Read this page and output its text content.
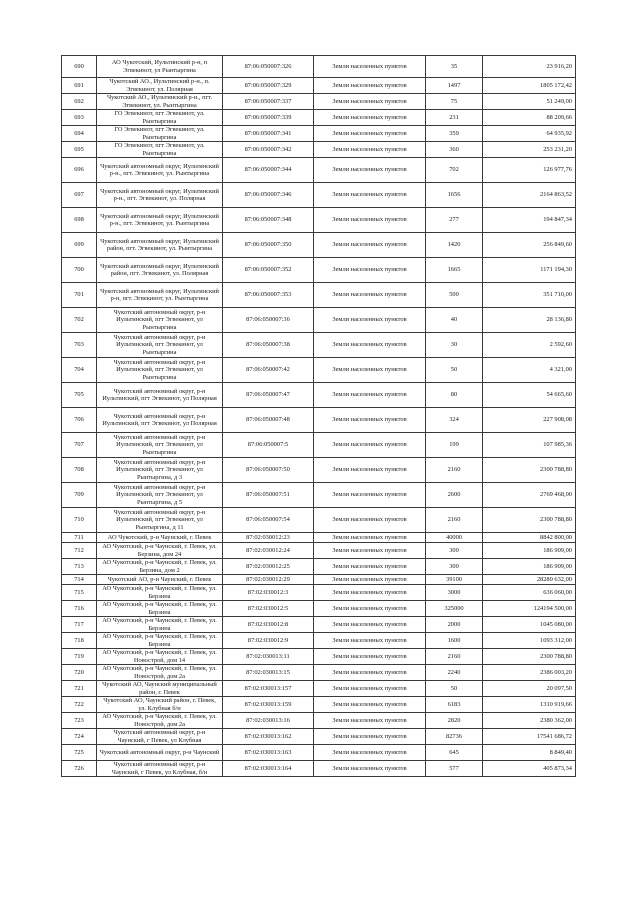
690	АО Чукотский, Иультинский р-н, п Эгвекинот, ул Рынтыргина	87:06:050007:326	Земли населенных пунктов	35	23 916,20
691	Чукотский АО., Иультинский р-н., п. Эгвекинот, ул. Полярная	87:06:050007:329	Земли населенных пунктов	1497	1805 172,42
692	Чукотский АО., Иультинский р-н., пгт. Эгвекинот, ул. Рынтыргина	87:06:050007:337	Земли населенных пунктов	75	51 249,00
693	ГО Эгвекинот, пгт Эгвекинот, ул. Рынтыргина	87:06:050007:339	Земли населенных пунктов	231	88 209,66
694	ГО Эгвекинот, пгт Эгвекинот, ул. Рынтыргина	87:06:050007:341	Земли населенных пунктов	359	64 935,92
695	ГО Эгвекинот, пгт Эгвекинот, ул. Рынтыргина	87:06:050007:342	Земли населенных пунктов	360	253 231,20
696	Чукотский автономный округ, Иультинский р-н., пгт. Эгвекинот, ул. Рынтыргина	87:06:050007:344	Земли населенных пунктов	702	126 977,76
697	Чукотский автономный округ, Иультинский р-н., пгт. Эгвекинот, ул. Полярная	87:06:050007:346	Земли населенных пунктов	1656	2164 863,52
698	Чукотский автономный округ, Иультинский р-н., пгт. Эгвекинот, ул. Рынтыргина	87:06:050007:348	Земли населенных пунктов	277	194 847,34
699	Чукотский автономный округ, Иультинский район, пгт. Эгвекинот, ул. Рынтыргина	87:06:050007:350	Земли населенных пунктов	1420	256 849,60
700	Чукотский автономный округ, Иультинский район, пгт. Эгвекинот, ул. Полярная	87:06:050007:352	Земли населенных пунктов	1665	1171 194,30
701	Чукотский автономный округ, Иультинский р-н, пгт. Эгвекинот, ул. Рынтыргина	87:06:050007:353	Земли населенных пунктов	500	351 710,00
702	Чукотский автономный округ, р-н Иультинский, пгт Эгвекинот, ул Рынтыргина	87:06:050007:36	Земли населенных пунктов	40	28 136,80
703	Чукотский автономный округ, р-н Иультинский, пгт Эгвекинот, ул Рынтыргина	87:06:050007:38	Земли населенных пунктов	30	2 592,60
704	Чукотский автономный округ, р-н Иультинский, пгт Эгвекинот, ул Рынтыргина	87:06:050007:42	Земли населенных пунктов	50	4 321,00
705	Чукотский автономный округ, р-н Иультинский, пгт Эгвекинот, ул Полярная	87:06:050007:47	Земли населенных пунктов	80	54 665,60
706	Чукотский автономный округ, р-н Иультинский, пгт Эгвекинот, ул Полярная	87:06:050007:48	Земли населенных пунктов	324	227 908,08
707	Чукотский автономный округ, р-н Иультинский, пгт Эгвекинот, ул Рынтыргина	87:06:050007:5	Земли населенных пунктов	199	107 985,36
708	Чукотский автономный округ, р-н Иультинский, пгт Эгвекинот, ул Рынтыргина, д 3	87:06:050007:50	Земли населенных пунктов	2160	2300 788,80
709	Чукотский автономный округ, р-н Иультинский, пгт Эгвекинот, ул Рынтыргина, д 5	87:06:050007:51	Земли населенных пунктов	2600	2769 468,00
710	Чукотский автономный округ, р-н Иультинский, пгт Эгвекинот, ул Рынтыргина, д 11	87:06:050007:54	Земли населенных пунктов	2160	2300 788,80
711	АО Чукотский, р-н Чаунский, г. Певек	87:02:030012:23	Земли населенных пунктов	40000	8842 800,00
712	АО Чукотский, р-н Чаунский, г. Певек, ул. Берзина, дом 24	87:02:030012:24	Земли населенных пунктов	300	186 909,00
713	АО Чукотский, р-н Чаунский, г. Певек, ул. Берзина, дом 2	87:02:030012:25	Земли населенных пунктов	300	186 909,00
714	Чукотский АО, р-н Чаунский, г. Певек	87:02:030012:29	Земли населенных пунктов	39100	28280 632,00
715	АО Чукотский, р-н Чаунский, г. Певек, ул. Берзина	87:02:030012:3	Земли населенных пунктов	3000	636 060,00
716	АО Чукотский, р-н Чаунский, г. Певек, ул. Берзина	87:02:030012:5	Земли населенных пунктов	325000	124194 500,00
717	АО Чукотский, р-н Чаунский, г. Певек, ул. Берзина	87:02:030012:8	Земли населенных пунктов	2000	1045 080,00
718	АО Чукотский, р-н Чаунский, г. Певек, ул. Берзина	87:02:030012:9	Земли населенных пунктов	1600	1093 312,00
719	АО Чукотский, р-н Чаунский, г. Певек, ул. Новострой, дом 14	87:02:030013:11	Земли населенных пунктов	2160	2300 788,80
720	АО Чукотский, р-н Чаунский, г. Певек, ул. Новострой, дом 2а	87:02:030013:15	Земли населенных пунктов	2240	2386 003,20
721	Чукотский АО, Чаунский муниципальный район, г. Певек	87:02:030013:157	Земли населенных пунктов	50	20 097,50
722	Чукотский АО, Чаунский район, г. Певек, ул. Клубная б/н	87:02:030013:159	Земли населенных пунктов	6183	1310 919,66
723	АО Чукотский, р-н Чаунский, г. Певек, ул. Новострой, дом 2а	87:02:030013:16	Земли населенных пунктов	2820	2380 362,00
724	Чукотский автономный округ, р-н Чаунский, г Певек, ул Клубная	87:02:030013:162	Земли населенных пунктов	82736	17541 686,72
725	Чукотский автономный округ, р-н Чаунский	87:02:030013:163	Земли населенных пунктов	645	8 849,40
726	Чукотский автономный округ, р-н Чаунский, г Певек, ул Клубная, б/н	87:02:030013:164	Земли населенных пунктов	577	405 873,34
